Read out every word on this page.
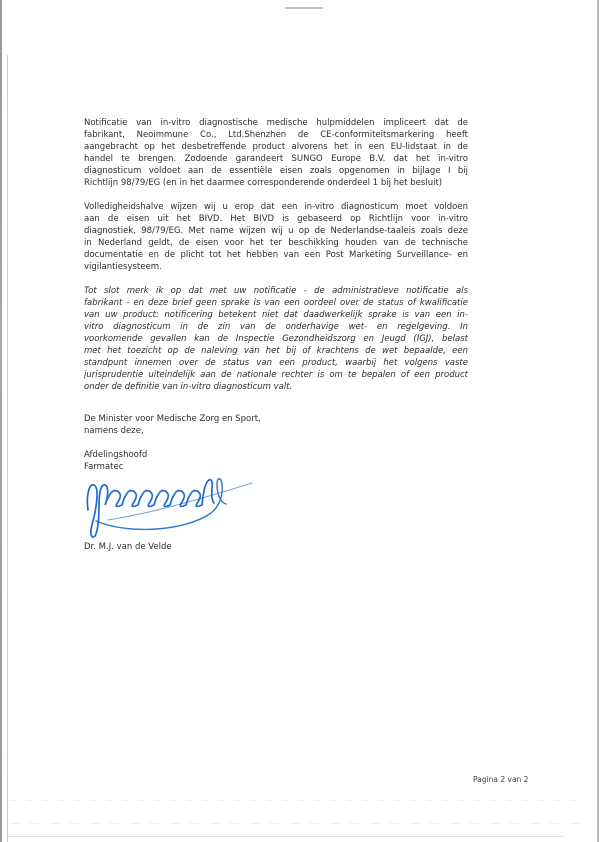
Notificatie van in-vitro diagnostische medische hulpmiddelen impliceert dat de
fabrikant, Neoimmune Co., Ltd.Shenzhen de CE-conformiteitsmarkering heeft
aangebracht op het desbetreffende product alvorens het in een EU-lidstaat in de
handel te brengen. Zodoende garandeert SUNGO Europe B.V. dat het in-vitro
diagnosticum voldoet aan de essentiële eisen zoals opgenomen in bijlage I bij
Richtlijn 98/79/EG (en in het daarmee corresponderende onderdeel 1 bij het besluit)
Volledigheidshalve wijzen wij u erop dat een in-vitro diagnosticum moet voldoen
aan de eisen uit het BIVD. Het BIVD is gebaseerd op Richtlijn voor in-vitro
diagnostiek, 98/79/EG. Met name wijzen wij u op de Nederlandse-taaleis zoals deze
in Nederland geldt, de eisen voor het ter beschikking houden van de technische
documentatie en de plicht tot het hebben van een Post Marketing Surveillance- en
vigilantiesysteem.
Tot slot merk ik op dat met uw notificatie - de administratieve notificatie als
fabrikant - en deze brief geen sprake is van een oordeel over de status of kwalificatie
van uw product: notificering betekent niet dat daadwerkelijk sprake is van een in-
vitro diagnosticum in de zin van de onderhavige wet- en regelgeving. In
voorkomende gevallen kan de Inspectie Gezondheidszorg en Jeugd (IGJ), belast
met het toezicht op de naleving van het bij of krachtens de wet bepaalde, een
standpunt innemen over de status van een product, waarbij het volgens vaste
jurisprudentie uiteindelijk aan de nationale rechter is om te bepalen of een product
onder de definitie van in-vitro diagnosticum valt.
De Minister voor Medische Zorg en Sport,
namens deze,
Afdelingshoofd
Farmatec
Dr. M.J. van de Velde
Pagina 2 van 2
